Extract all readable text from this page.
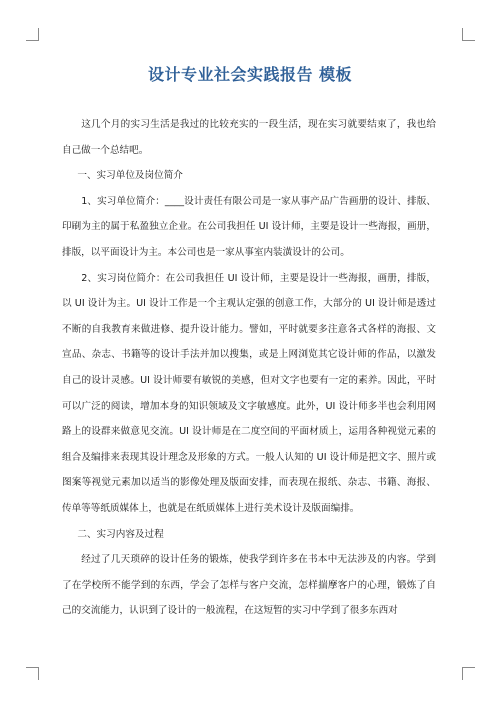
设计专业社会实践报告 模板

这几个月的实习生活是我过的比较充实的一段生活，现在实习就要结束了，我也给自己做一个总结吧。

一、实习单位及岗位简介

1、实习单位简介：____设计责任有限公司是一家从事产品广告画册的设计、排版、印刷为主的属于私盈独立企业。在公司我担任 UI 设计师，主要是设计一些海报，画册，排版，以平面设计为主。本公司也是一家从事室内装潢设计的公司。

2、实习岗位简介：在公司我担任 UI 设计师，主要是设计一些海报，画册，排版，以 UI 设计为主。UI 设计工作是一个主观认定强的创意工作，大部分的 UI 设计师是透过不断的自我教育来做进修、提升设计能力。譬如，平时就要多注意各式各样的海报、文宣品、杂志、书籍等的设计手法并加以搜集，或是上网浏览其它设计师的作品，以激发自己的设计灵感。UI 设计师要有敏锐的美感，但对文字也要有一定的素养。因此，平时可以广泛的阅读，增加本身的知识领域及文字敏感度。此外，UI 设计师多半也会利用网路上的设群来做意见交流。UI 设计师是在二度空间的平面材质上，运用各种视觉元素的组合及编排来表现其设计理念及形象的方式。一般人认知的 UI 设计师是把文字、照片或图案等视觉元素加以适当的影像处理及版面安排，而表现在报纸、杂志、书籍、海报、传单等等纸质媒体上，也就是在纸质媒体上进行美术设计及版面编排。

二、实习内容及过程

经过了几天琐碎的设计任务的锻炼，使我学到许多在书本中无法涉及的内容。学到了在学校所不能学到的东西，学会了怎样与客户交流，怎样揣摩客户的心理，锻炼了自己的交流能力，认识到了设计的一般流程，在这短暂的实习中学到了很多东西对
